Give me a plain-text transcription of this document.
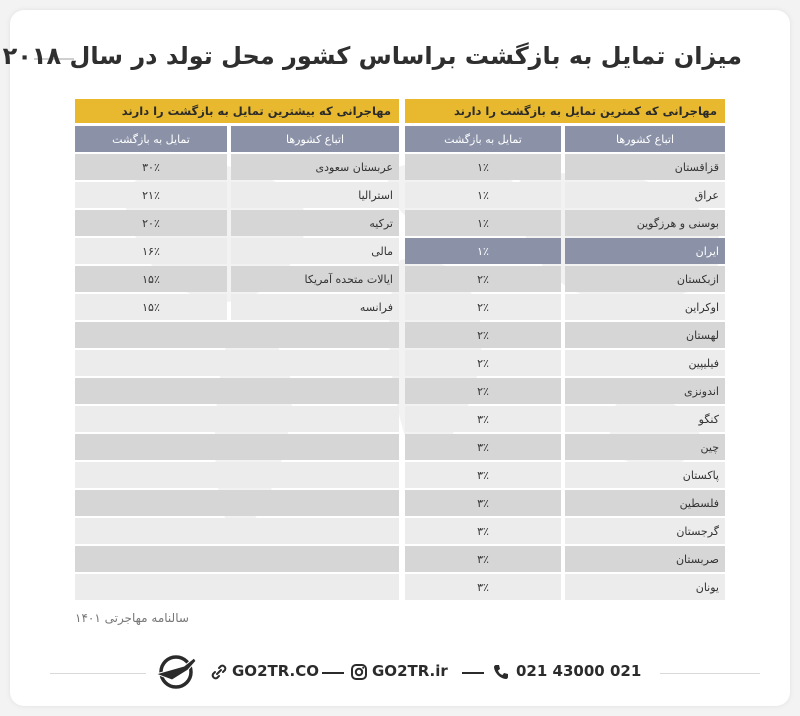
میزان تمایل به بازگشت براساس کشور محل تولد در سال ۲۰۱۸
مهاجرانی که کمترین تمایل به بازگشت را دارند
اتباع کشورها
تمایل به بازگشت
قزاقستان
۱٪
عراق
۱٪
بوسنی و هرزگوین
۱٪
ایران
۱٪
ازبکستان
۲٪
اوکراین
۲٪
لهستان
۲٪
فیلیپین
۲٪
اندونزی
۲٪
کنگو
۳٪
چین
۳٪
پاکستان
۳٪
فلسطین
۳٪
گرجستان
۳٪
صربستان
۳٪
یونان
۳٪
مهاجرانی که بیشترین تمایل به بازگشت را دارند
اتباع کشورها
تمایل به بازگشت
عربستان سعودی
۳۰٪
استرالیا
۲۱٪
ترکیه
۲۰٪
مالی
۱۶٪
ایالات متحده آمریکا
۱۵٪
فرانسه
۱۵٪
سالنامه مهاجرتی ۱۴۰۱
GO2TR.CO	GO2TR.ir	021 43000 021
